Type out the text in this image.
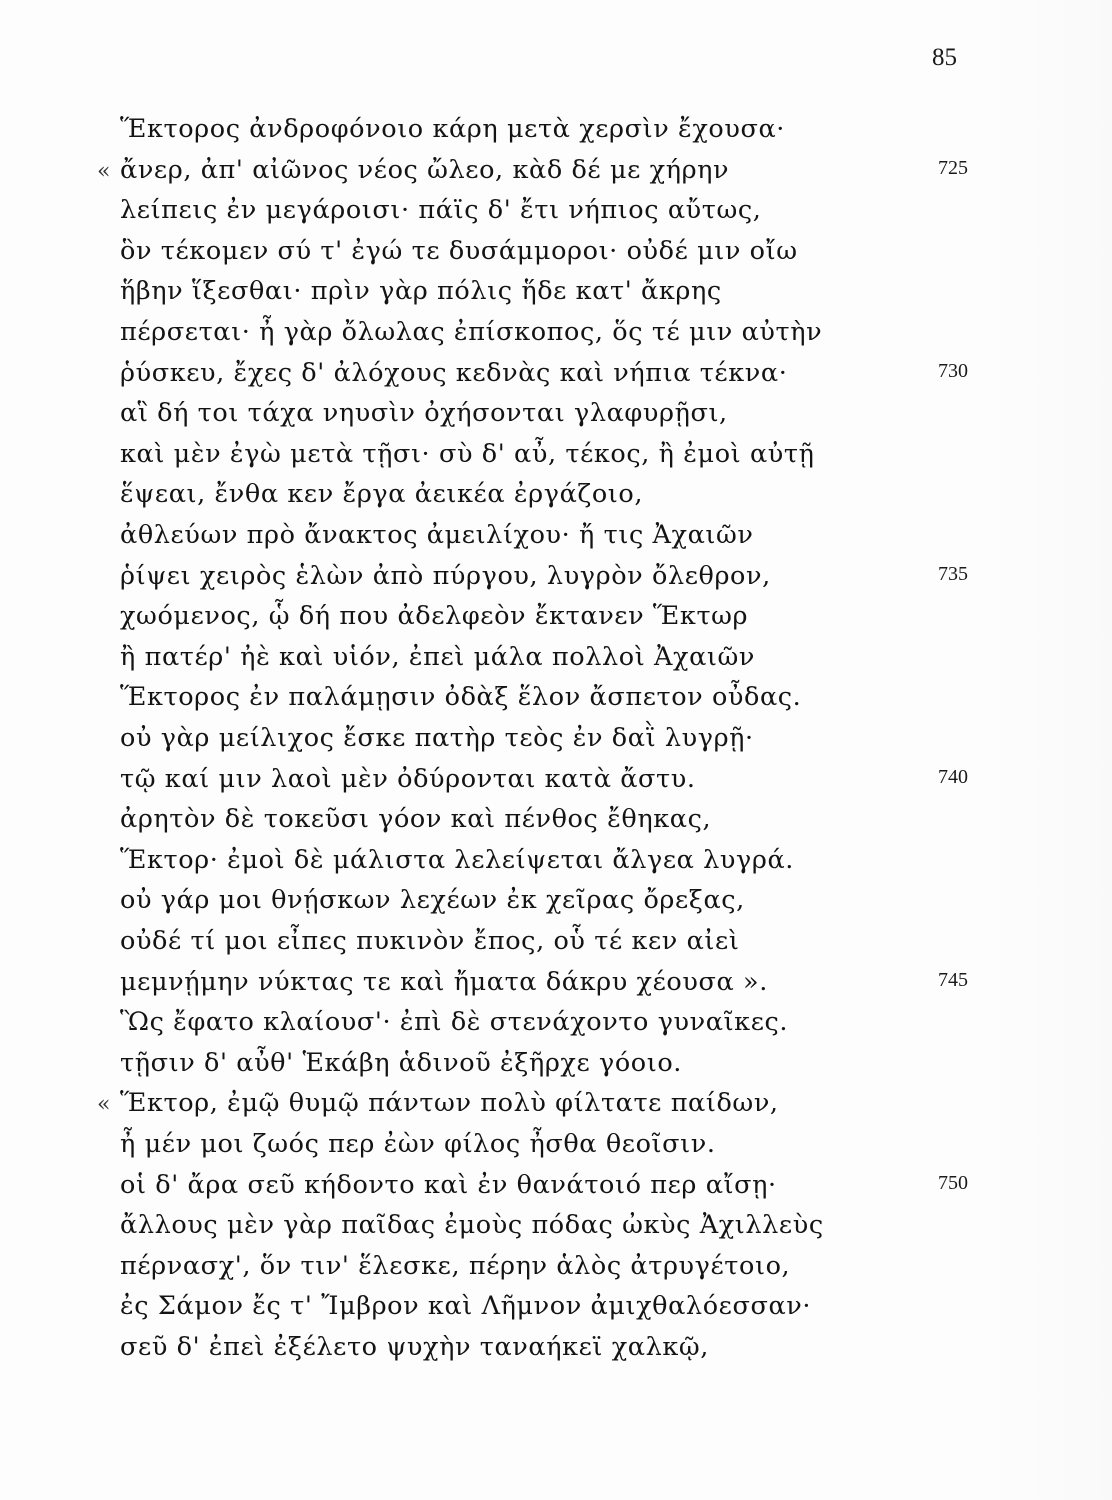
85
Ἕκτορος ἀνδροφόνοιο κάρη μετὰ χερσὶν ἔχουσα·
« ἄνερ, ἀπ' αἰῶνος νέος ὤλεο, κὰδ δέ με χήρην	725
λείπεις ἐν μεγάροισι· πάϊς δ' ἔτι νήπιος αὔτως,
ὃν τέκομεν σύ τ' ἐγώ τε δυσάμμοροι· οὐδέ μιν οἴω
ἥβην ἵξεσθαι· πρὶν γὰρ πόλις ἥδε κατ' ἄκρης
πέρσεται· ἦ γὰρ ὄλωλας ἐπίσκοπος, ὅς τέ μιν αὐτὴν
ῥύσκευ, ἔχες δ' ἀλόχους κεδνὰς καὶ νήπια τέκνα·	730
αἳ δή τοι τάχα νηυσὶν ὀχήσονται γλαφυρῇσι,
καὶ μὲν ἐγὼ μετὰ τῇσι· σὺ δ' αὖ, τέκος, ἢ ἐμοὶ αὐτῇ
ἕψεαι, ἔνθα κεν ἔργα ἀεικέα ἐργάζοιο,
ἀθλεύων πρὸ ἄνακτος ἀμειλίχου· ἤ τις Ἀχαιῶν
ῥίψει χειρὸς ἑλὼν ἀπὸ πύργου, λυγρὸν ὄλεθρον,	735
χωόμενος, ᾧ δή που ἀδελφεὸν ἔκτανεν Ἕκτωρ
ἢ πατέρ' ἠὲ καὶ υἱόν, ἐπεὶ μάλα πολλοὶ Ἀχαιῶν
Ἕκτορος ἐν παλάμῃσιν ὀδὰξ ἕλον ἄσπετον οὖδας.
οὐ γὰρ μείλιχος ἔσκε πατὴρ τεὸς ἐν δαῒ λυγρῇ·
τῷ καί μιν λαοὶ μὲν ὀδύρονται κατὰ ἄστυ.	740
ἀρητὸν δὲ τοκεῦσι γόον καὶ πένθος ἔθηκας,
Ἕκτορ· ἐμοὶ δὲ μάλιστα λελείψεται ἄλγεα λυγρά.
οὐ γάρ μοι θνῄσκων λεχέων ἐκ χεῖρας ὄρεξας,
οὐδέ τί μοι εἶπες πυκινὸν ἔπος, οὗ τέ κεν αἰεὶ
μεμνῄμην νύκτας τε καὶ ἤματα δάκρυ χέουσα ».	745
Ὣς ἔφατο κλαίουσ'· ἐπὶ δὲ στενάχοντο γυναῖκες.
τῇσιν δ' αὖθ' Ἑκάβη ἁδινοῦ ἐξῆρχε γόοιο.
« Ἕκτορ, ἐμῷ θυμῷ πάντων πολὺ φίλτατε παίδων,
ἦ μέν μοι ζωός περ ἐὼν φίλος ἦσθα θεοῖσιν.
οἱ δ' ἄρα σεῦ κήδοντο καὶ ἐν θανάτοιό περ αἴσῃ·	750
ἄλλους μὲν γὰρ παῖδας ἐμοὺς πόδας ὠκὺς Ἀχιλλεὺς
πέρνασχ', ὅν τιν' ἕλεσκε, πέρην ἁλὸς ἀτρυγέτοιο,
ἐς Σάμον ἔς τ' Ἴμβρον καὶ Λῆμνον ἀμιχθαλόεσσαν·
σεῦ δ' ἐπεὶ ἐξέλετο ψυχὴν ταναήκεϊ χαλκῷ,
